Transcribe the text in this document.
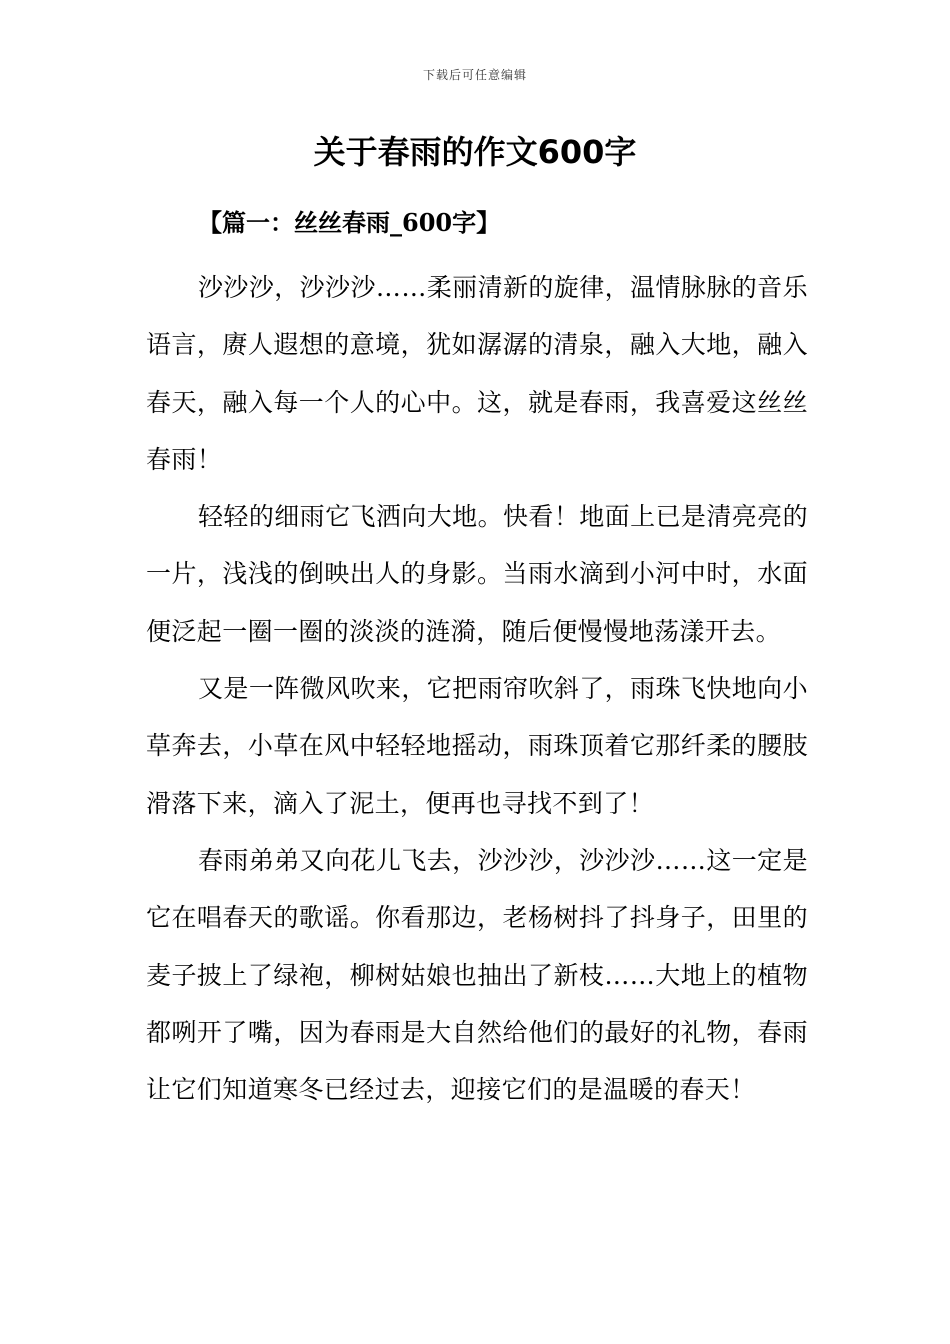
下载后可任意编辑
关于春雨的作文600字
【篇一：丝丝春雨_600字】

沙沙沙，沙沙沙……柔丽清新的旋律，温情脉脉的音乐语言，赓人遐想的意境，犹如潺潺的清泉，融入大地，融入春天，融入每一个人的心中。这，就是春雨，我喜爱这丝丝春雨！

轻轻的细雨它飞洒向大地。快看！地面上已是清亮亮的一片，浅浅的倒映出人的身影。当雨水滴到小河中时，水面便泛起一圈一圈的淡淡的涟漪，随后便慢慢地荡漾开去。

又是一阵微风吹来，它把雨帘吹斜了，雨珠飞快地向小草奔去，小草在风中轻轻地摇动，雨珠顶着它那纤柔的腰肢滑落下来，滴入了泥土，便再也寻找不到了！

春雨弟弟又向花儿飞去，沙沙沙，沙沙沙……这一定是它在唱春天的歌谣。你看那边，老杨树抖了抖身子，田里的麦子披上了绿袍，柳树姑娘也抽出了新枝……大地上的植物都咧开了嘴，因为春雨是大自然给他们的最好的礼物，春雨让它们知道寒冬已经过去，迎接它们的是温暖的春天！
